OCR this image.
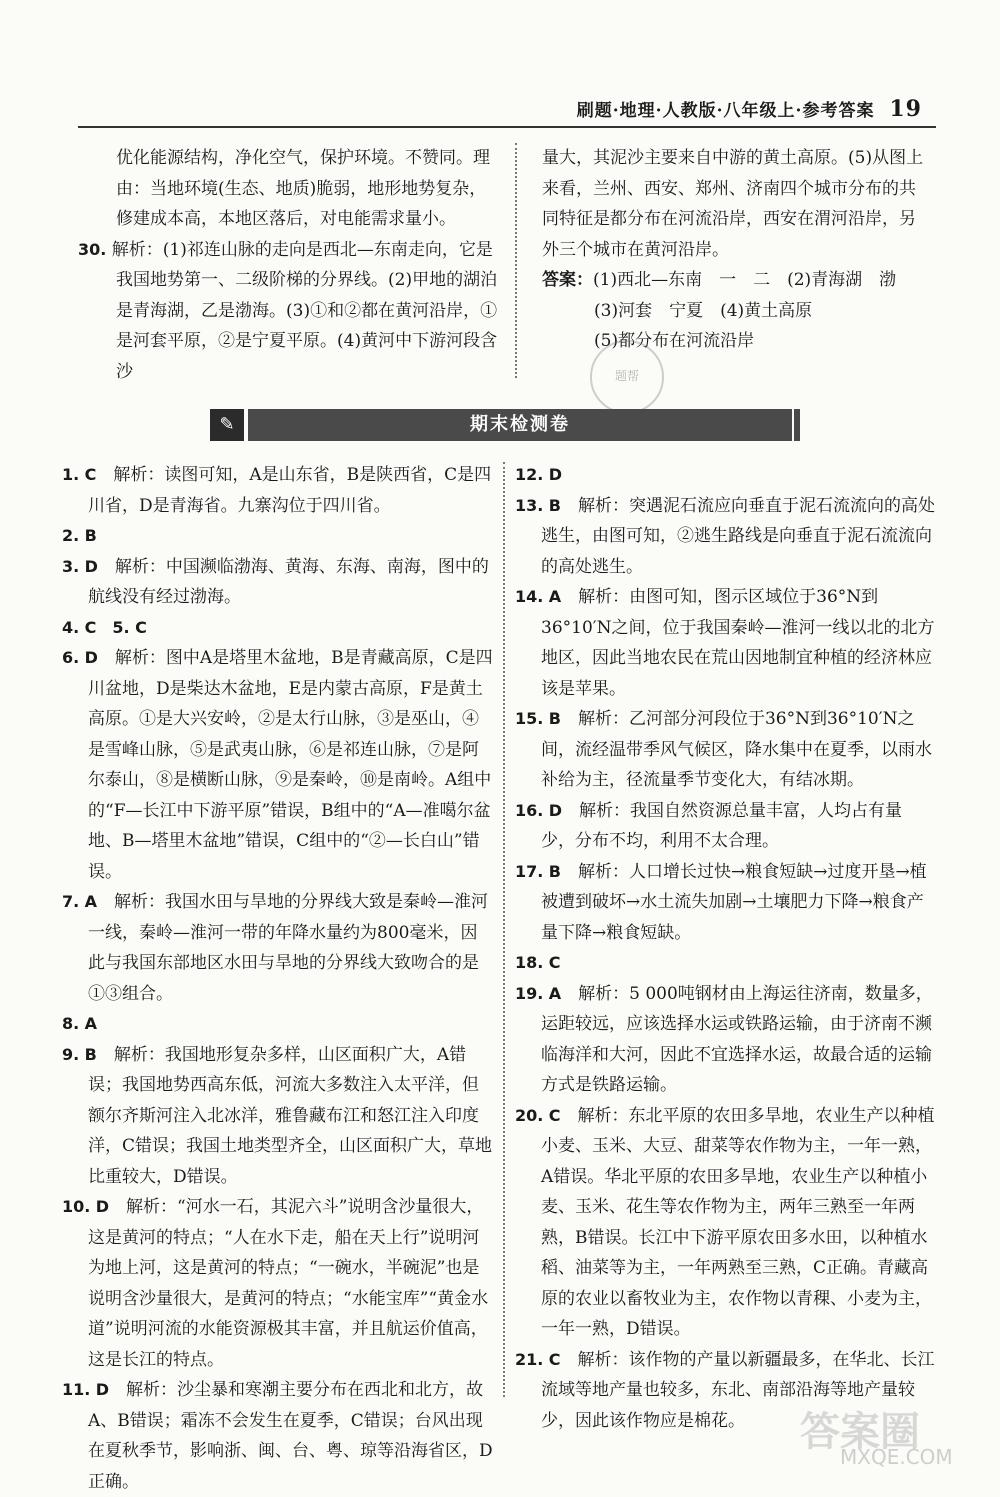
刷题·地理·人教版·八年级上·参考答案 19

优化能源结构，净化空气，保护环境。不赞同。理由：当地环境(生态、地质)脆弱，地形地势复杂，修建成本高，本地区落后，对电能需求量小。

30. 解析：(1)祁连山脉的走向是西北—东南走向，它是我国地势第一、二级阶梯的分界线。(2)甲地的湖泊是青海湖，乙是渤海。(3)①和②都在黄河沿岸，①是河套平原，②是宁夏平原。(4)黄河中下游河段含沙

量大，其泥沙主要来自中游的黄土高原。(5)从图上来看，兰州、西安、郑州、济南四个城市分布的共同特征是都分布在河流沿岸，西安在渭河沿岸，另外三个城市在黄河沿岸。

答案：(1)西北—东南　一　二　(2)青海湖　渤
(3)河套　宁夏　(4)黄土高原
(5)都分布在河流沿岸

题帮
✎	期末检测卷

1. C　 解析：读图可知，A是山东省，B是陕西省，C是四川省，D是青海省。九寨沟位于四川省。

2. B　

3. D　 解析：中国濒临渤海、黄海、东海、南海，图中的航线没有经过渤海。

4. C　5. C　

6. D　 解析：图中A是塔里木盆地，B是青藏高原，C是四川盆地，D是柴达木盆地，E是内蒙古高原，F是黄土高原。①是大兴安岭，②是太行山脉，③是巫山，④是雪峰山脉，⑤是武夷山脉，⑥是祁连山脉，⑦是阿尔泰山，⑧是横断山脉，⑨是秦岭，⑩是南岭。A组中的“F—长江中下游平原”错误，B组中的“A—准噶尔盆地、B—塔里木盆地”错误，C组中的“②—长白山”错误。

7. A　 解析：我国水田与旱地的分界线大致是秦岭—淮河一线，秦岭—淮河一带的年降水量约为800毫米，因此与我国东部地区水田与旱地的分界线大致吻合的是①③组合。

8. A　

9. B　 解析：我国地形复杂多样，山区面积广大，A错误；我国地势西高东低，河流大多数注入太平洋，但额尔齐斯河注入北冰洋，雅鲁藏布江和怒江注入印度洋，C错误；我国土地类型齐全，山区面积广大，草地比重较大，D错误。

10. D　 解析：“河水一石，其泥六斗”说明含沙量很大，这是黄河的特点；“人在水下走，船在天上行”说明河为地上河，这是黄河的特点；“一碗水，半碗泥”也是说明含沙量很大，是黄河的特点；“水能宝库”“黄金水道”说明河流的水能资源极其丰富，并且航运价值高，这是长江的特点。

11. D　 解析：沙尘暴和寒潮主要分布在西北和北方，故A、B错误；霜冻不会发生在夏季，C错误；台风出现在夏秋季节，影响浙、闽、台、粤、琼等沿海省区，D正确。

12. D　

13. B　 解析：突遇泥石流应向垂直于泥石流流向的高处逃生，由图可知，②逃生路线是向垂直于泥石流流向的高处逃生。

14. A　 解析：由图可知，图示区域位于36°N到36°10′N之间，位于我国秦岭—淮河一线以北的北方地区，因此当地农民在荒山因地制宜种植的经济林应该是苹果。

15. B　 解析：乙河部分河段位于36°N到36°10′N之间，流经温带季风气候区，降水集中在夏季，以雨水补给为主，径流量季节变化大，有结冰期。

16. D　 解析：我国自然资源总量丰富，人均占有量少，分布不均，利用不太合理。

17. B　 解析：人口增长过快→粮食短缺→过度开垦→植被遭到破坏→水土流失加剧→土壤肥力下降→粮食产量下降→粮食短缺。

18. C　

19. A　 解析：5 000吨钢材由上海运往济南，数量多，运距较远，应该选择水运或铁路运输，由于济南不濒临海洋和大河，因此不宜选择水运，故最合适的运输方式是铁路运输。

20. C　 解析：东北平原的农田多旱地，农业生产以种植小麦、玉米、大豆、甜菜等农作物为主，一年一熟，A错误。华北平原的农田多旱地，农业生产以种植小麦、玉米、花生等农作物为主，两年三熟至一年两熟，B错误。长江中下游平原农田多水田，以种植水稻、油菜等为主，一年两熟至三熟，C正确。青藏高原的农业以畜牧业为主，农作物以青稞、小麦为主，一年一熟，D错误。

21. C　 解析：该作物的产量以新疆最多，在华北、长江流域等地产量也较多，东北、南部沿海等地产量较少，因此该作物应是棉花。	答案圈
MXQE.COM
